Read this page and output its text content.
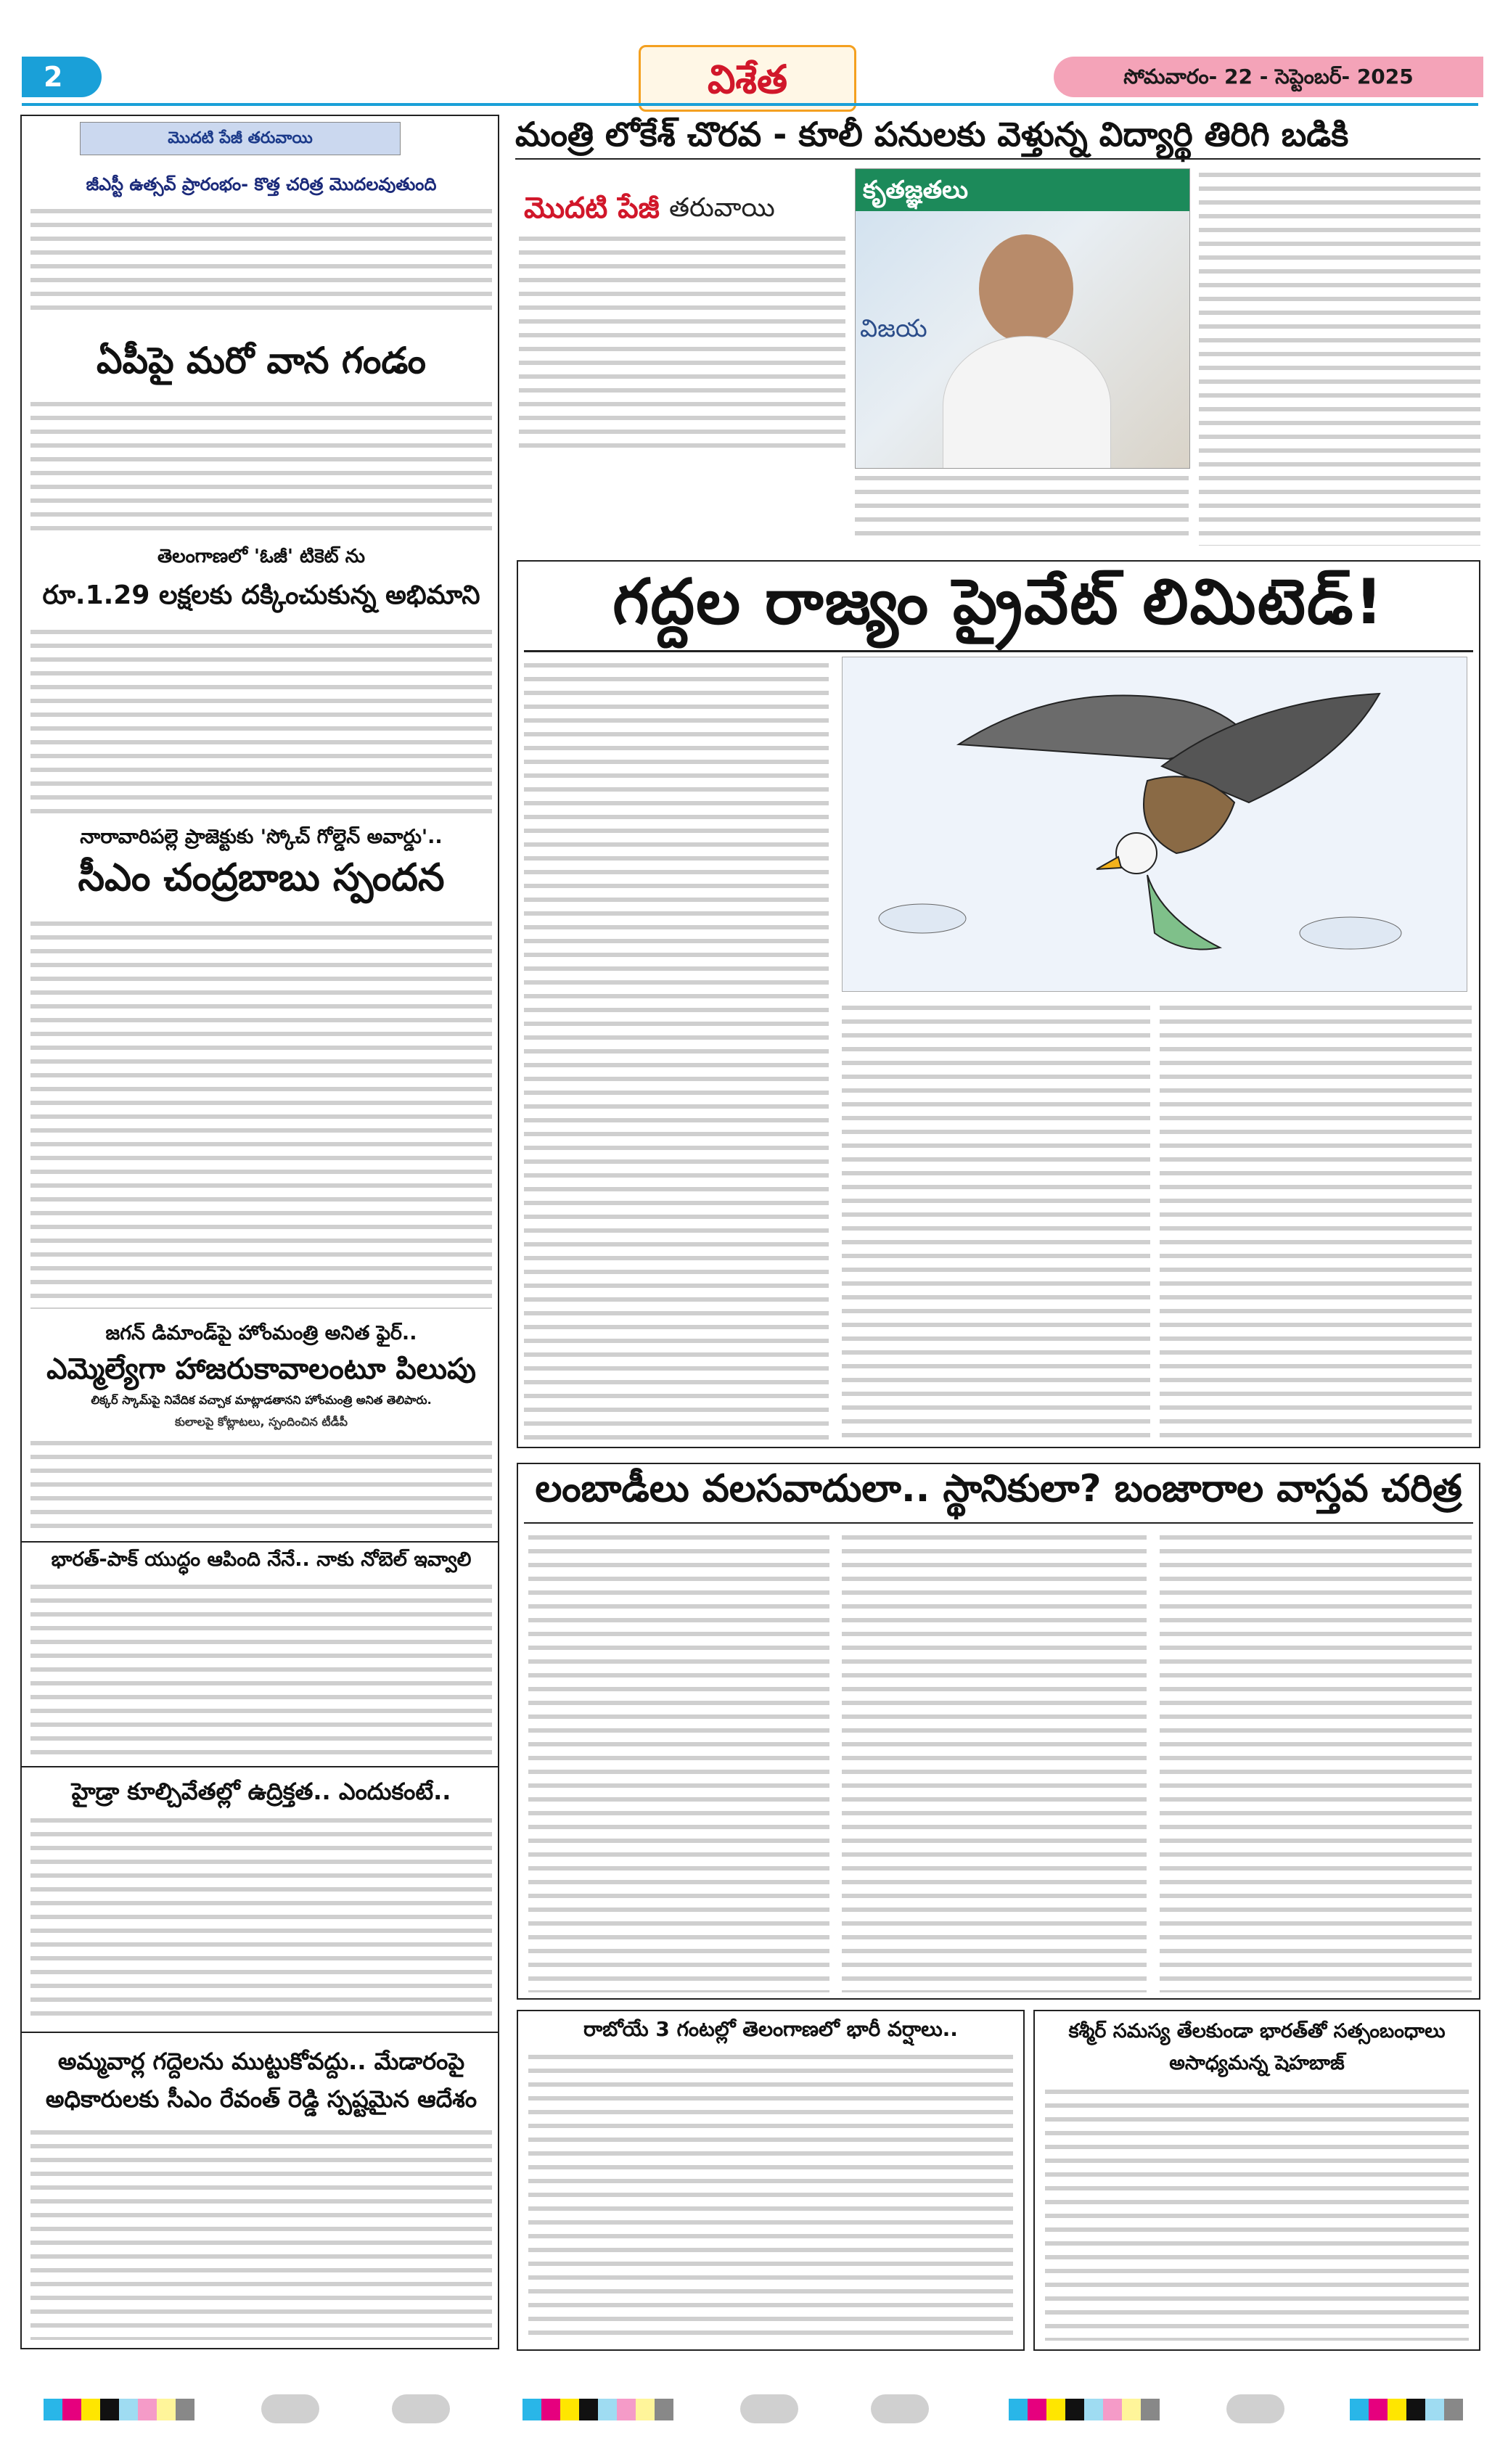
2	విశేత	సోమవారం- 22 - సెప్టెంబర్- 2025
మొదటి పేజీ తరువాయి
జీఎస్టీ ఉత్సవ్ ప్రారంభం- కొత్త చరిత్ర మొదలవుతుంది
ఏపీపై మరో వాన గండం
తెలంగాణలో 'ఓజీ' టికెట్ ను
రూ.1.29 లక్షలకు దక్కించుకున్న అభిమాని
నారావారిపల్లె ప్రాజెక్టుకు 'స్కోచ్ గోల్డెన్ అవార్డు'..
సీఎం చంద్రబాబు స్పందన
జగన్ డిమాండ్‌పై హోంమంత్రి అనిత ఫైర్..
ఎమ్మెల్యేగా హాజరుకావాలంటూ పిలుపు
లిక్కర్ స్కామ్‌పై నివేదిక వచ్చాక మాట్లాడతానని హోంమంత్రి అనిత తెలిపారు.
కులాలపై కోట్లాటలు, స్పందించిన టీడీపీ
భారత్-పాక్ యుద్ధం ఆపింది నేనే.. నాకు నోబెల్ ఇవ్వాలి
హైడ్రా కూల్చివేతల్లో ఉద్రిక్తత.. ఎందుకంటే..
అమ్మవార్ల గద్దెలను ముట్టుకోవద్దు.. మేడారంపై అధికారులకు సీఎం రేవంత్ రెడ్డి స్పష్టమైన ఆదేశం
మంత్రి లోకేశ్ చొరవ - కూలీ పనులకు వెళ్తున్న విద్యార్థి తిరిగి బడికి
మొదటి పేజీ తరువాయి
కృతజ్ఞతలు
విజయ
గద్దల రాజ్యం ప్రైవేట్ లిమిటెడ్!
లంబాడీలు వలసవాదులా.. స్థానికులా? బంజారాల వాస్తవ చరిత్ర
రాబోయే 3 గంటల్లో తెలంగాణలో భారీ వర్షాలు..	కశ్మీర్ సమస్య తేలకుండా భారత్‌తో సత్సంబంధాలు అసాధ్యమన్న షెహబాజ్
